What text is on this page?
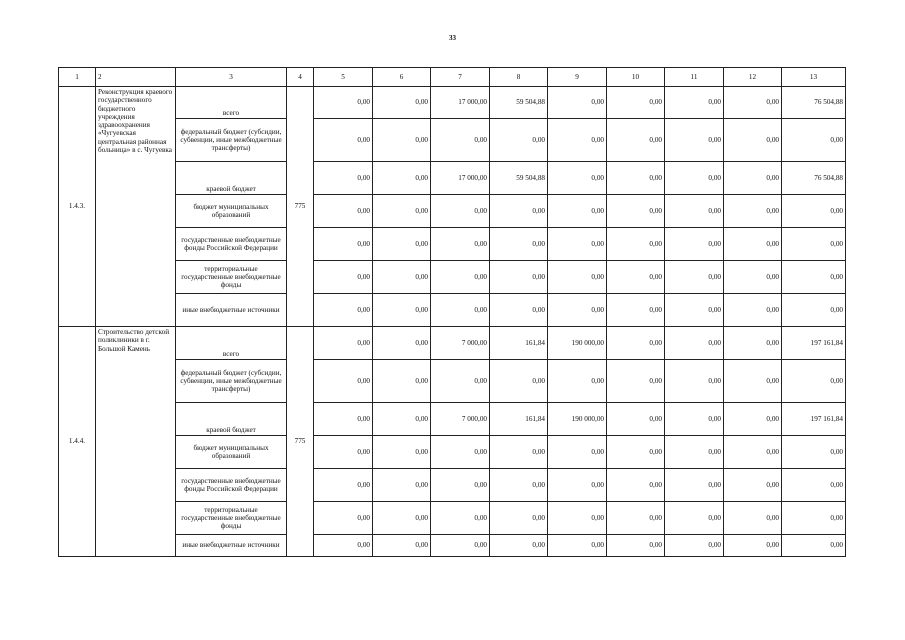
33
1	2	3	4	5	6	7	8	9	10	11	12	13
1.4.3.	Реконструкция краевого государственного бюджетного учреждения здравоохранения «Чугуевская центральная районная больница» в с. Чугуевка	всего	775	0,00	0,00	17 000,00	59 504,88	0,00	0,00	0,00	0,00	76 504,88
		федеральный бюджет (субсидии, субвенции, иные межбюджетные трансферты)		0,00	0,00	0,00	0,00	0,00	0,00	0,00	0,00	0,00
		краевой бюджет		0,00	0,00	17 000,00	59 504,88	0,00	0,00	0,00	0,00	76 504,88
		бюджет муниципальных образований		0,00	0,00	0,00	0,00	0,00	0,00	0,00	0,00	0,00
		государственные внебюджетные фонды Российской Федерации		0,00	0,00	0,00	0,00	0,00	0,00	0,00	0,00	0,00
		территориальные государственные внебюджетные фонды		0,00	0,00	0,00	0,00	0,00	0,00	0,00	0,00	0,00
		иные внебюджетные источники		0,00	0,00	0,00	0,00	0,00	0,00	0,00	0,00	0,00
1.4.4.	Строительство детской поликлиники в г. Большой Камень	всего	775	0,00	0,00	7 000,00	161,84	190 000,00	0,00	0,00	0,00	197 161,84
		федеральный бюджет (субсидии, субвенции, иные межбюджетные трансферты)		0,00	0,00	0,00	0,00	0,00	0,00	0,00	0,00	0,00
		краевой бюджет		0,00	0,00	7 000,00	161,84	190 000,00	0,00	0,00	0,00	197 161,84
		бюджет муниципальных образований		0,00	0,00	0,00	0,00	0,00	0,00	0,00	0,00	0,00
		государственные внебюджетные фонды Российской Федерации		0,00	0,00	0,00	0,00	0,00	0,00	0,00	0,00	0,00
		территориальные государственные внебюджетные фонды		0,00	0,00	0,00	0,00	0,00	0,00	0,00	0,00	0,00
		иные внебюджетные источники		0,00	0,00	0,00	0,00	0,00	0,00	0,00	0,00	0,00
